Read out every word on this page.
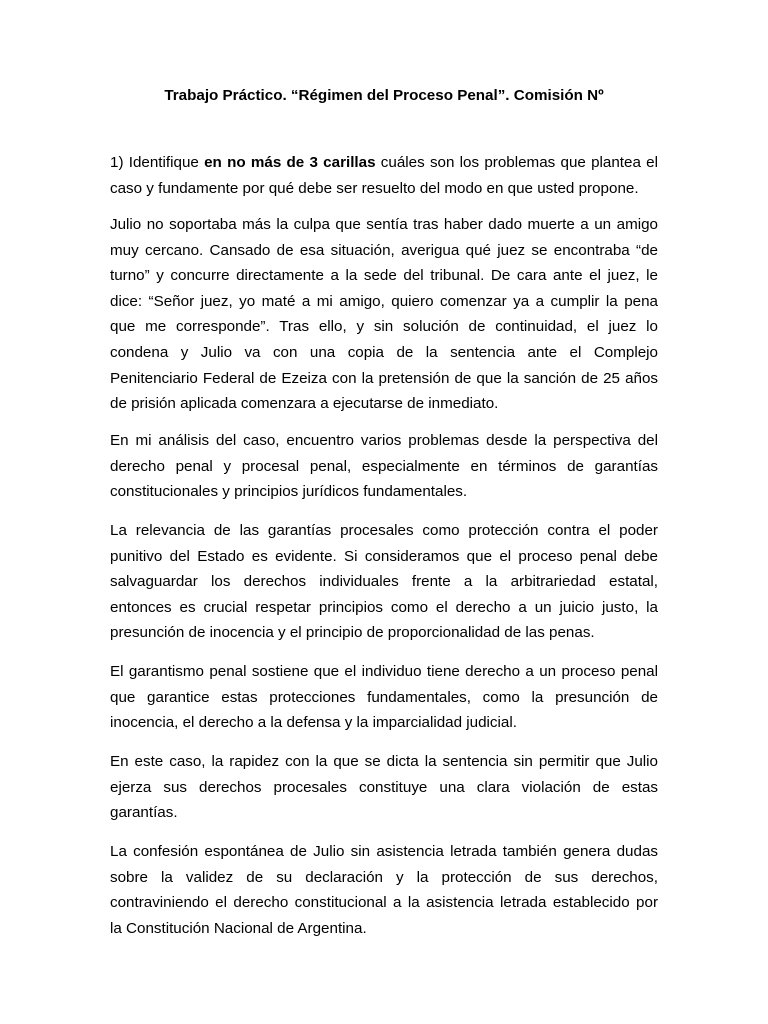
Trabajo Práctico. “Régimen del Proceso Penal”. Comisión Nº
1) Identifique en no más de 3 carillas cuáles son los problemas que plantea el
caso y fundamente por qué debe ser resuelto del modo en que usted propone.
Julio no soportaba más la culpa que sentía tras haber dado muerte a un amigo
muy cercano. Cansado de esa situación, averigua qué juez se encontraba “de
turno” y concurre directamente a la sede del tribunal. De cara ante el juez, le
dice: “Señor juez, yo maté a mi amigo, quiero comenzar ya a cumplir la pena
que me corresponde”. Tras ello, y sin solución de continuidad, el juez lo
condena y Julio va con una copia de la sentencia ante el Complejo
Penitenciario Federal de Ezeiza con la pretensión de que la sanción de 25 años
de prisión aplicada comenzara a ejecutarse de inmediato.
En mi análisis del caso, encuentro varios problemas desde la perspectiva del
derecho penal y procesal penal, especialmente en términos de garantías
constitucionales y principios jurídicos fundamentales.
La relevancia de las garantías procesales como protección contra el poder
punitivo del Estado es evidente. Si consideramos que el proceso penal debe
salvaguardar los derechos individuales frente a la arbitrariedad estatal,
entonces es crucial respetar principios como el derecho a un juicio justo, la
presunción de inocencia y el principio de proporcionalidad de las penas.
El garantismo penal sostiene que el individuo tiene derecho a un proceso penal
que garantice estas protecciones fundamentales, como la presunción de
inocencia, el derecho a la defensa y la imparcialidad judicial.
En este caso, la rapidez con la que se dicta la sentencia sin permitir que Julio
ejerza sus derechos procesales constituye una clara violación de estas
garantías.
La confesión espontánea de Julio sin asistencia letrada también genera dudas
sobre la validez de su declaración y la protección de sus derechos,
contraviniendo el derecho constitucional a la asistencia letrada establecido por
la Constitución Nacional de Argentina.
